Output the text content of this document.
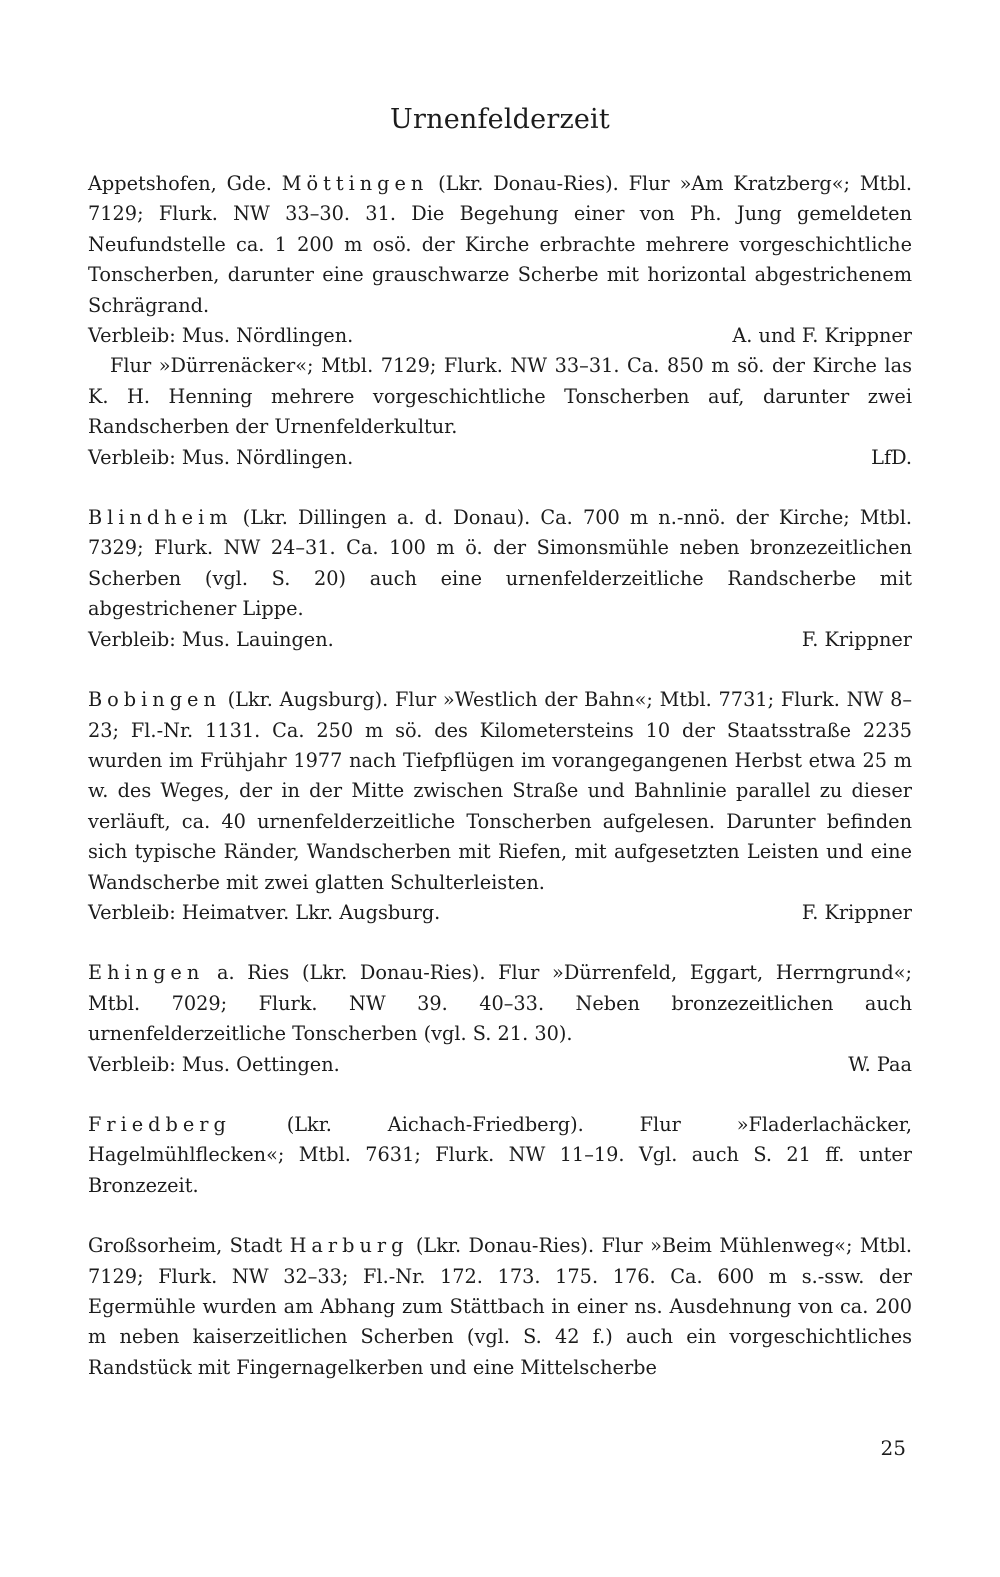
Urnenfelderzeit

Appetshofen, Gde. Möttingen (Lkr. Donau-Ries). Flur »Am Kratzberg«; Mtbl. 7129; Flurk. NW 33–30. 31. Die Begehung einer von Ph. Jung gemeldeten Neufundstelle ca. 1 200 m osö. der Kirche erbrachte mehrere vorgeschichtliche Tonscherben, darunter eine grauschwarze Scherbe mit horizontal abgestrichenem Schrägrand.

Verbleib: Mus. Nördlingen.	A. und F. Krippner

Flur »Dürrenäcker«; Mtbl. 7129; Flurk. NW 33–31. Ca. 850 m sö. der Kirche las K. H. Henning mehrere vorgeschichtliche Tonscherben auf, darunter zwei Randscherben der Urnenfelderkultur.

Verbleib: Mus. Nördlingen.	LfD.

Blindheim (Lkr. Dillingen a. d. Donau). Ca. 700 m n.-nnö. der Kirche; Mtbl. 7329; Flurk. NW 24–31. Ca. 100 m ö. der Simonsmühle neben bronzezeitlichen Scherben (vgl. S. 20) auch eine urnenfelderzeitliche Randscherbe mit abgestrichener Lippe.

Verbleib: Mus. Lauingen.	F. Krippner

Bobingen (Lkr. Augsburg). Flur »Westlich der Bahn«; Mtbl. 7731; Flurk. NW 8–23; Fl.-Nr. 1131. Ca. 250 m sö. des Kilometersteins 10 der Staatsstraße 2235 wurden im Frühjahr 1977 nach Tiefpflügen im vorangegangenen Herbst etwa 25 m w. des Weges, der in der Mitte zwischen Straße und Bahnlinie parallel zu dieser verläuft, ca. 40 urnenfelderzeitliche Tonscherben aufgelesen. Darunter befinden sich typische Ränder, Wandscherben mit Riefen, mit aufgesetzten Leisten und eine Wandscherbe mit zwei glatten Schulterleisten.

Verbleib: Heimatver. Lkr. Augsburg.	F. Krippner

Ehingen a. Ries (Lkr. Donau-Ries). Flur »Dürrenfeld, Eggart, Herrngrund«; Mtbl. 7029; Flurk. NW 39. 40–33. Neben bronzezeitlichen auch urnenfelderzeitliche Tonscherben (vgl. S. 21. 30).

Verbleib: Mus. Oettingen.	W. Paa

Friedberg (Lkr. Aichach-Friedberg). Flur »Fladerlachäcker, Hagelmühlflecken«; Mtbl. 7631; Flurk. NW 11–19. Vgl. auch S. 21 ff. unter Bronzezeit.

Großsorheim, Stadt Harburg (Lkr. Donau-Ries). Flur »Beim Mühlenweg«; Mtbl. 7129; Flurk. NW 32–33; Fl.-Nr. 172. 173. 175. 176. Ca. 600 m s.-ssw. der Egermühle wurden am Abhang zum Stättbach in einer ns. Ausdehnung von ca. 200 m neben kaiserzeitlichen Scherben (vgl. S. 42 f.) auch ein vorgeschichtliches Randstück mit Fingernagelkerben und eine Mittelscherbe

25
